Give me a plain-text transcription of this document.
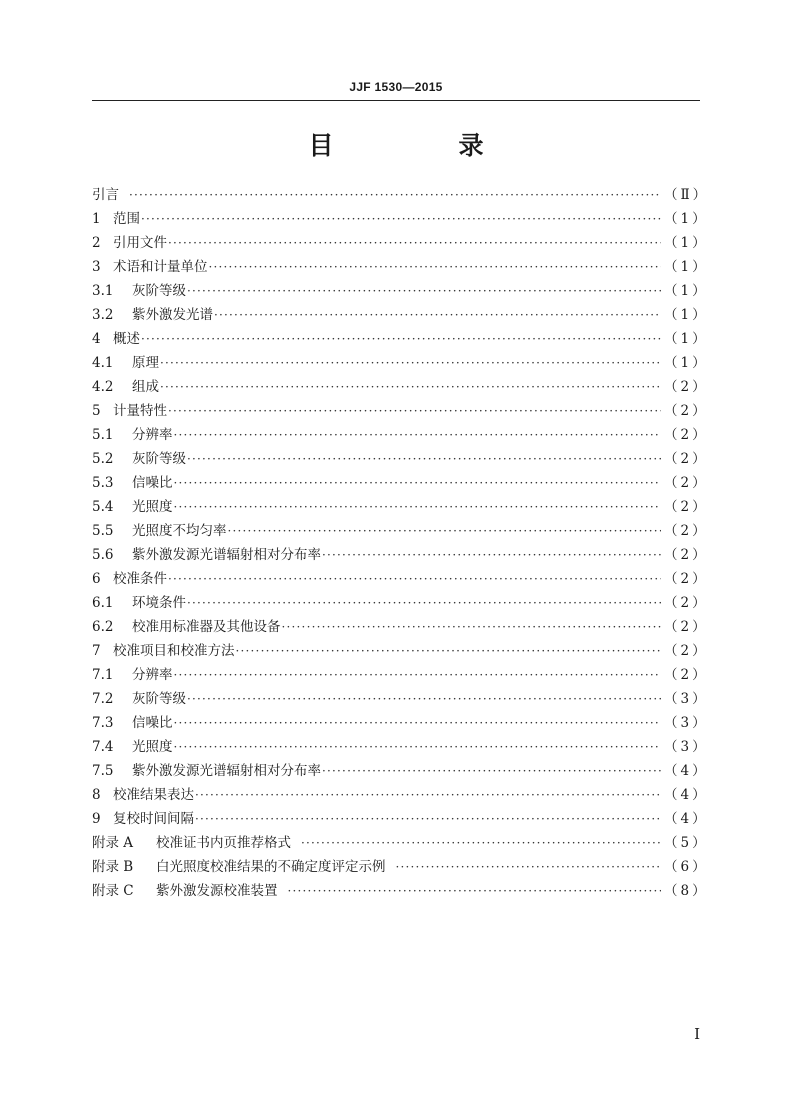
JJF 1530—2015
目　录
引言 ·····	（Ⅱ）
1 范围 ·····	（1）
2 引用文件 ·····	（1）
3 术语和计量单位 ·····	（1）
3.1	灰阶等级 ·····	（1）
3.2	紫外激发光谱 ·····	（1）
4 概述 ·····	（1）
4.1	原理 ·····	（1）
4.2	组成 ·····	（2）
5 计量特性 ·····	（2）
5.1	分辨率 ·····	（2）
5.2	灰阶等级 ·····	（2）
5.3	信噪比 ·····	（2）
5.4	光照度 ·····	（2）
5.5	光照度不均匀率 ·····	（2）
5.6	紫外激发源光谱辐射相对分布率 ·····	（2）
6 校准条件 ·····	（2）
6.1	环境条件 ·····	（2）
6.2	校准用标准器及其他设备 ·····	（2）
7 校准项目和校准方法 ·····	（2）
7.1	分辨率 ·····	（2）
7.2	灰阶等级 ·····	（3）
7.3	信噪比 ·····	（3）
7.4	光照度 ·····	（3）
7.5	紫外激发源光谱辐射相对分布率 ·····	（4）
8 校准结果表达 ·····	（4）
9 复校时间间隔 ·····	（4）
附录 A	校准证书内页推荐格式 ·····	（5）
附录 B	白光照度校准结果的不确定度评定示例 ·····	（6）
附录 C	紫外激发源校准装置 ·····	（8）
I
